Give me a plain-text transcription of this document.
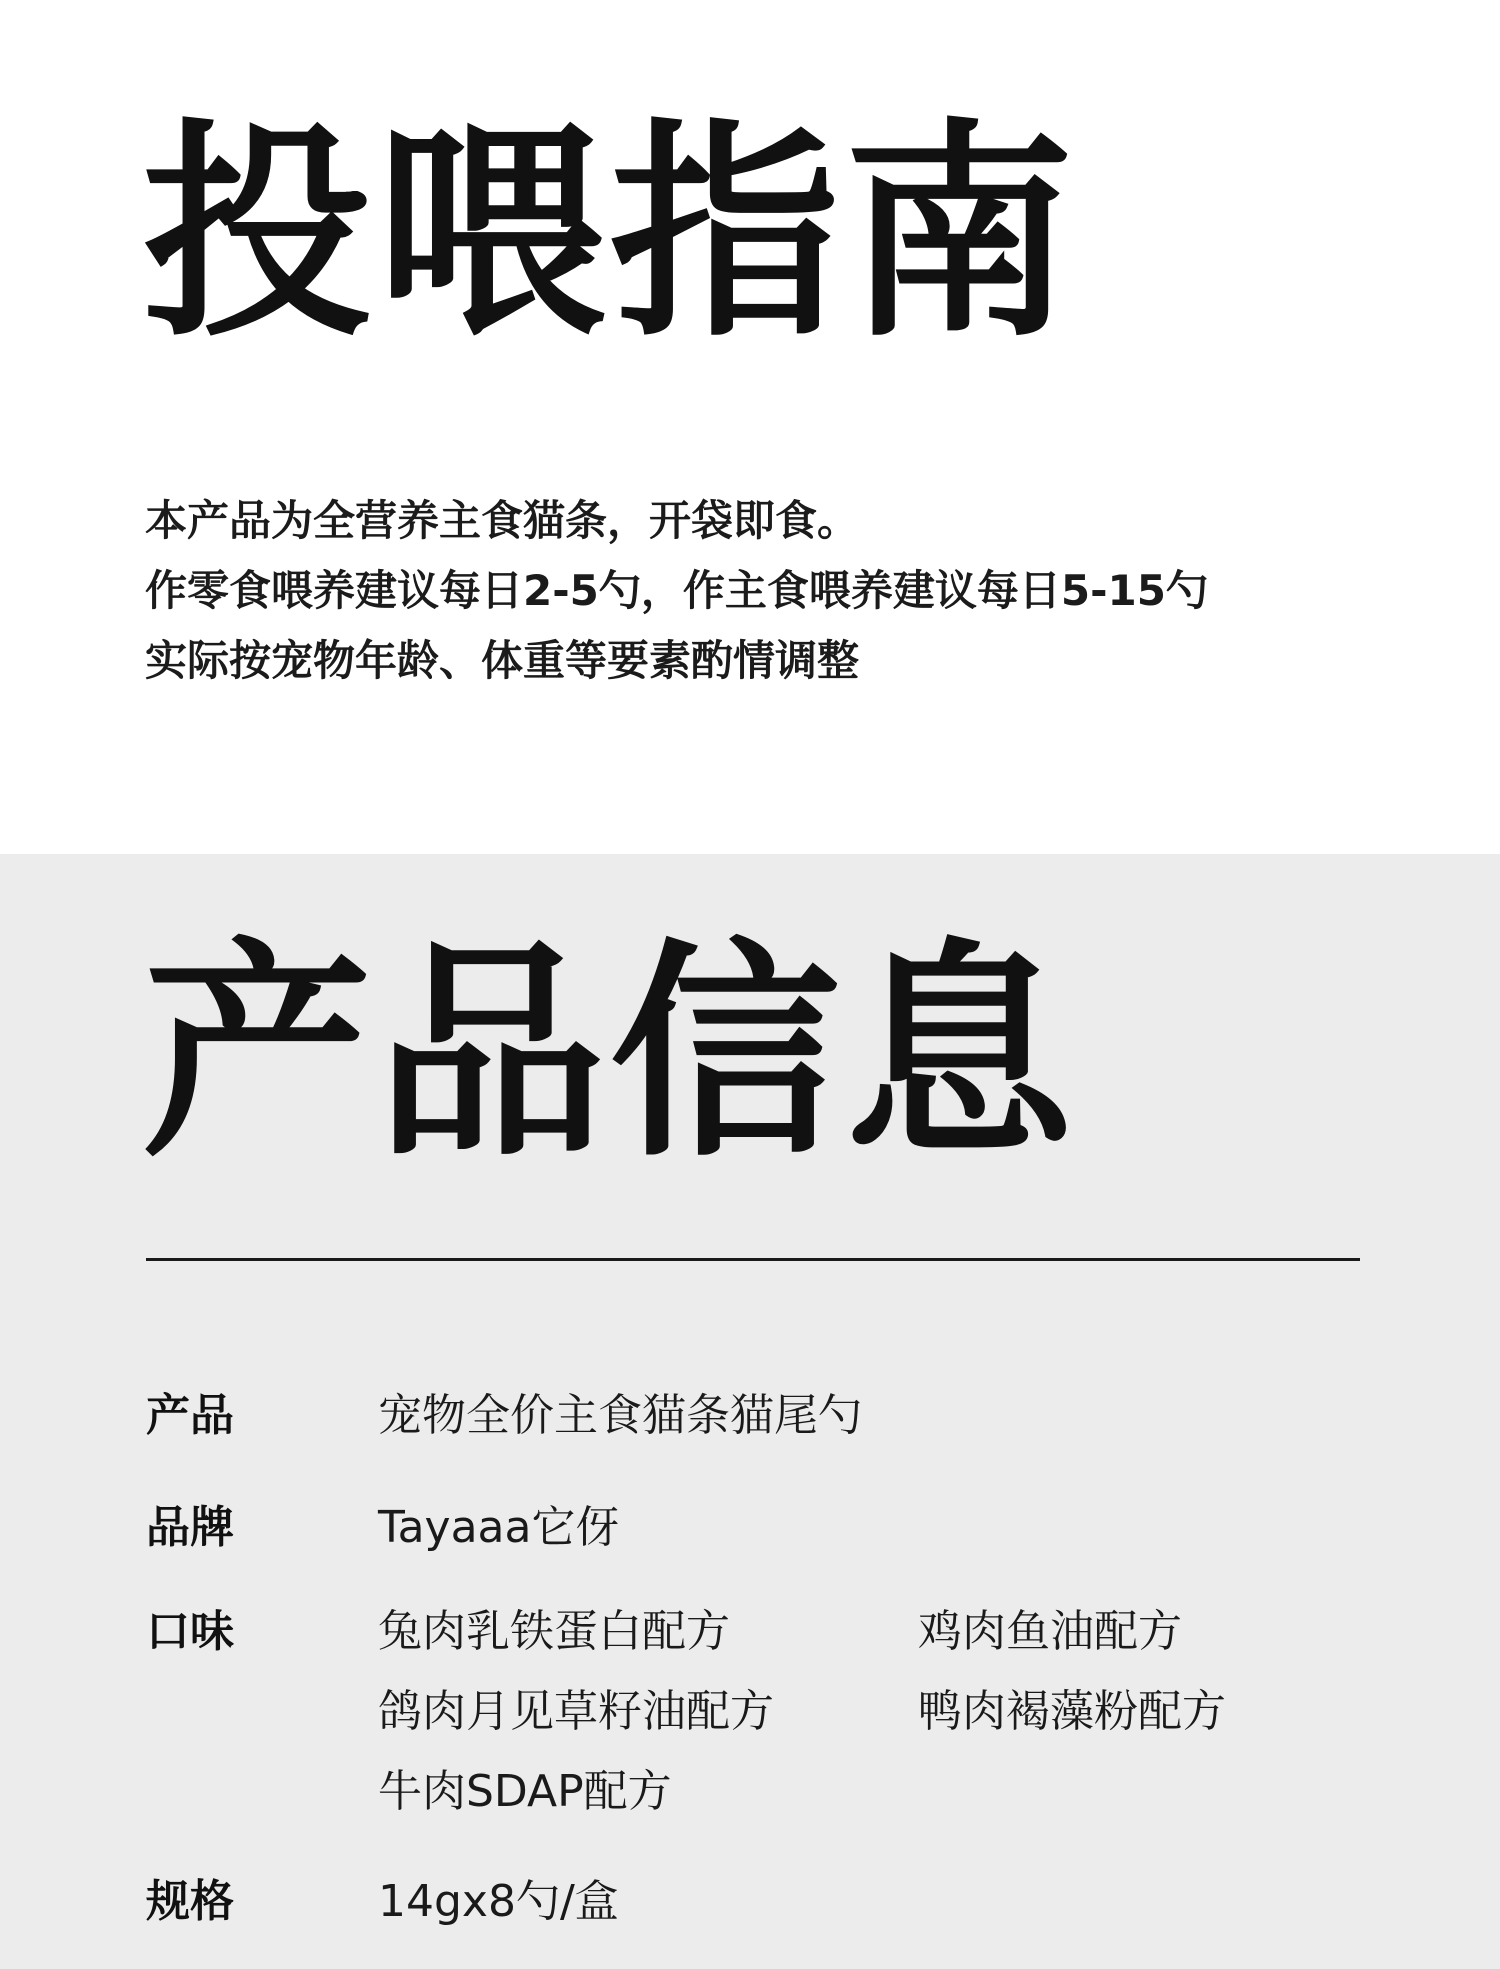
投喂指南
本产品为全营养主食猫条，开袋即食。
作零食喂养建议每日2-5勺，作主食喂养建议每日5-15勺
实际按宠物年龄、体重等要素酌情调整
产品信息
产品	宠物全价主食猫条猫尾勺
品牌	Tayaaa它伢
口味	兔肉乳铁蛋白配方	鸡肉鱼油配方
鸽肉月见草籽油配方	鸭肉褐藻粉配方
牛肉SDAP配方
规格	14gx8勺/盒
